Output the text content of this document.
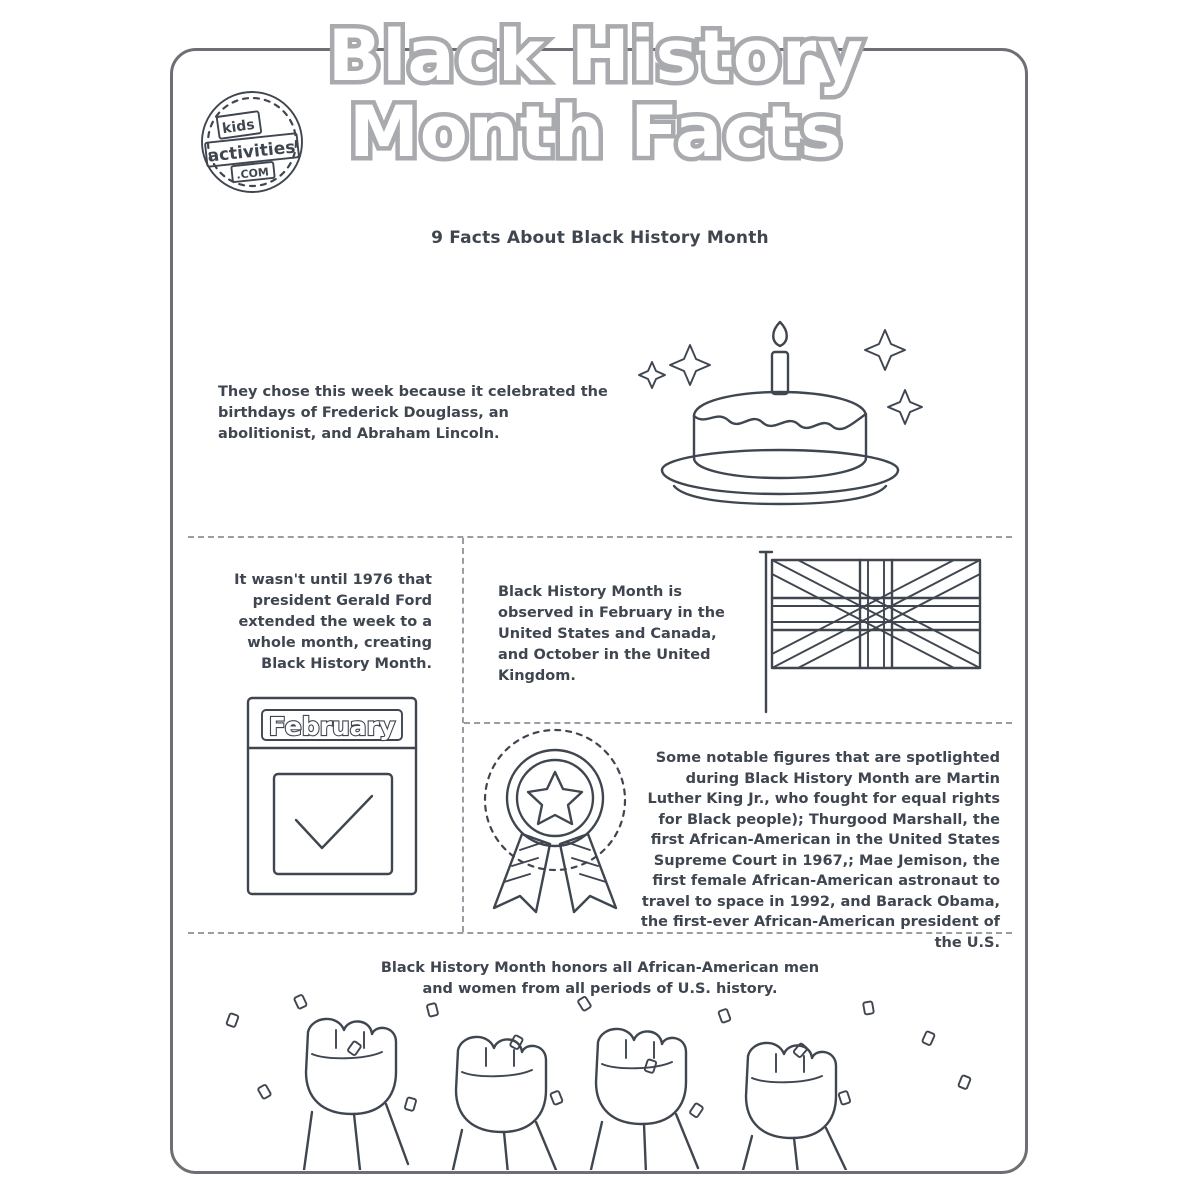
Black History
Month Facts
kids
activities
.COM
9 Facts About Black History Month
They chose this week because it celebrated the birthdays of Frederick Douglass, an abolitionist, and Abraham Lincoln.
It wasn't until 1976 that president Gerald Ford extended the week to a whole month, creating Black History Month.
Black History Month is observed in February in the United States and Canada, and October in the United Kingdom.
February
Some notable figures that are spotlighted during Black History Month are Martin Luther King Jr., who fought for equal rights for Black people); Thurgood Marshall, the first African-American in the United States Supreme Court in 1967,; Mae Jemison, the first female African-American astronaut to travel to space in 1992, and Barack Obama, the first-ever African-American president of the U.S.
Black History Month honors all African-American men and women from all periods of U.S. history.
